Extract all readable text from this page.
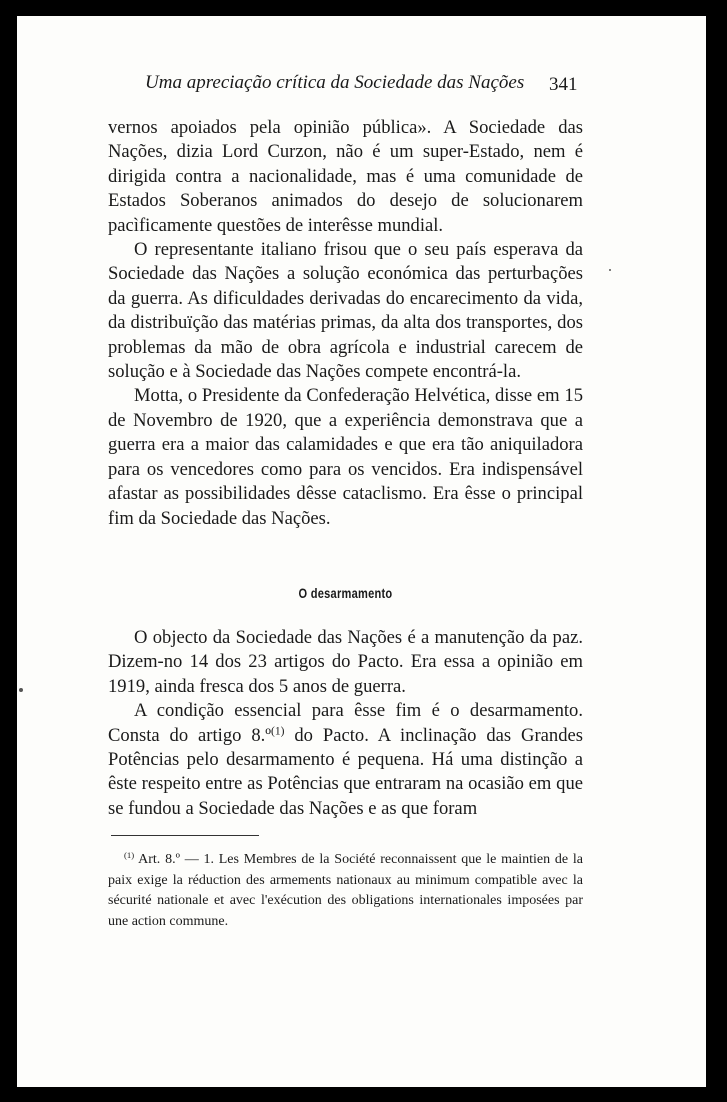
Uma apreciação crítica da Sociedade das Nações	341

vernos apoiados pela opinião pública». A Sociedade das Nações, dizia Lord Curzon, não é um super-Estado, nem é dirigida contra a nacionalidade, mas é uma comunidade de Estados Soberanos animados do desejo de solucionarem pacìficamente questões de interêsse mundial.

O representante italiano frisou que o seu país esperava da Sociedade das Nações a solução económica das perturbações da guerra. As dificuldades derivadas do encarecimento da vida, da distribuïção das matérias primas, da alta dos transportes, dos problemas da mão de obra agrícola e industrial carecem de solução e à Sociedade das Nações compete encontrá-la.

Motta, o Presidente da Confederação Helvética, disse em 15 de Novembro de 1920, que a experiência demonstrava que a guerra era a maior das calamidades e que era tão aniquiladora para os vencedores como para os vencidos. Era indispensável afastar as possibilidades dêsse cataclismo. Era êsse o principal fim da Sociedade das Nações.

O desarmamento

O objecto da Sociedade das Nações é a manutenção da paz. Dizem-no 14 dos 23 artigos do Pacto. Era essa a opinião em 1919, ainda fresca dos 5 anos de guerra.

A condição essencial para êsse fim é o desarmamento. Consta do artigo 8.º$^{(1)}$ do Pacto. A inclinação das Grandes Potências pelo desarmamento é pequena. Há uma distinção a êste respeito entre as Potências que entraram na ocasião em que se fundou a Sociedade das Nações e as que foram

$^{(1)}$ Art. 8.º — 1. Les Membres de la Société reconnaissent que le maintien de la paix exige la réduction des armements nationaux au minimum compatible avec la sécurité nationale et avec l'exécution des obligations internationales imposées par une action commune.
